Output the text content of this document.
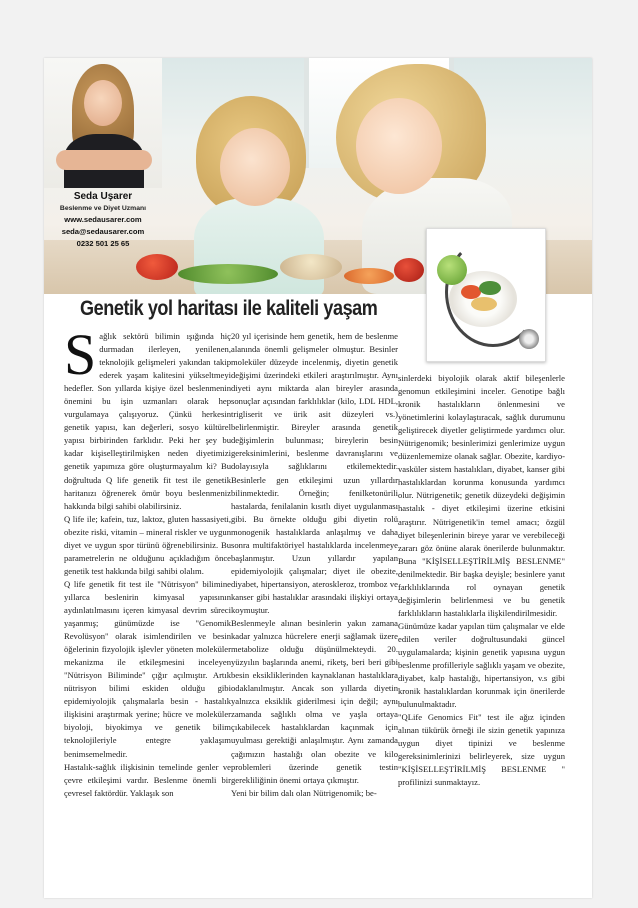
Seda Uşarer
Beslenme ve Diyet Uzmanı
www.sedausarer.com
seda@sedausarer.com
0232 501 25 65
Genetik yol haritası ile kaliteli yaşam

Sağlık sektörü bilimin ışığında hiç durmadan ilerleyen, yenilenen, teknolojik gelişmeleri yakından takip ederek yaşam kalitesini yükseltmeyi hedefler. Son yıllarda kişiye özel beslenmenin önemini bu işin uzmanları olarak hep vurgulamaya çalışıyoruz. Çünkü herkesin genetik yapısı, kan değerleri, sosyo kültürel yapısı birbirinden farklıdır. Peki her şey bu kadar kişiselleştirilmişken neden diyetimizi genetik yapımıza göre oluşturmayalım ki? Bu doğrultuda Q life genetik fit test ile genetik haritanızı öğrenerek ömür boyu beslenmeniz hakkında bilgi sahibi olabilirsiniz.

Q life ile; kafein, tuz, laktoz, gluten hassasiyeti, obezite riski, vitamin – mineral riskler ve uygun diyet ve uygun spor türünü öğrenebilirsiniz. Bu parametrelerin ne olduğunu açıkladığım önce genetik test hakkında bilgi sahibi olalım.

Q life genetik fit test ile "Nütrisyon" bilimine yıllarca beslenirin kimyasal yapısının aydınlatılmasını içeren kimyasal devrim süreci yaşanmış; günümüzde ise "Genomik Revolüsyon" olarak isimlendirilen ve besin öğelerinin fizyolojik işlevler yöneten moleküler mekanizma ile etkileşmesini inceleyen "Nütrisyon Biliminde" çığır açılmıştır. Artık nütrisyon bilimi eskiden olduğu gibi epidemiyolojik çalışmalarla besin - hastalık ilişkisini araştırmak yerine; hücre ve moleküler biyoloji, biyokimya ve genetik bilim teknolojileriyle entegre yaklaşım benimsemelmedir.

Hastalık-sağlık ilişkisinin temelinde genler ve çevre etkileşimi vardır. Beslenme önemli bir çevresel faktördür. Yaklaşık son

20 yıl içerisinde hem genetik, hem de beslenme alanında önemli gelişmeler olmuştur. Besinler moleküler düzeyde incelenmiş, diyetin genetik değişimi üzerindeki etkileri araştırılmıştır. Aynı diyeti aynı miktarda alan bireyler arasında sonuçlar açısından farklılıklar (kilo, LDL HDL, trigliserit ve ürik asit düzeyleri vs.) belirlenmiştir. Bireyler arasında genetik değişimlerin bulunması; bireylerin besin gereksinimlerini, beslenme davranışlarını ve dolayısıyla sağlıklarını etkilemektedir. Besinlerle gen etkileşimi uzun yıllardır bilinmektedir. Örneğin; fenilketonürili hastalarda, fenilalanin kısıtlı diyet uygulanması gibi. Bu örnekte olduğu gibi diyetin rolü monogenik hastalıklarda anlaşılmış ve daha sonra multifaktöriyel hastalıklarda incelenmeye başlanmıştır. Uzun yıllardır yapılan epidemiyolojik çalışmalar; diyet ile obezite, diyabet, hipertansiyon, ateroskleroz, tromboz ve kanser gibi hastalıklar arasındaki ilişkiyi ortaya koymuştur.

Beslenmeyle alınan besinlerin yakın zamana kadar yalnızca hücrelere enerji sağlamak üzere metabolize olduğu düşünülmekteydi. 20. yüzyılın başlarında anemi, riketş, beri beri gibi besin eksikliklerinden kaynaklanan hastalıklara odaklanılmıştır. Ancak son yıllarda diyetin yalnızca eksiklik giderilmesi için değil; aynı zamanda sağlıklı olma ve yaşla ortaya çıkabilecek hastalıklardan kaçınmak için uyulması gerektiği anlaşılmıştır. Aynı zamanda çağımızın hastalığı olan obezite ve kilo problemleri üzerinde genetik testin gerekliliğinin önemi ortaya çıkmıştır.

Yeni bir bilim dalı olan Nütrigenomik; be-

sinlerdeki biyolojik olarak aktif bileşenlerle genomun etkileşimini inceler. Genotipe bağlı kronik hastalıkların önlenmesini ve yönetimlerini kolaylaştıracak, sağlık durumunu geliştirecek diyetler geliştirmede yardımcı olur. Nütrigenomik; besinlerimizi genlerimize uygun düzenlememize olanak sağlar. Obezite, kardiyo-vasküler sistem hastalıkları, diyabet, kanser gibi hastalıklardan korunma konusunda yardımcı olur. Nütrigenetik; genetik düzeydeki değişimin hastalık - diyet etkileşimi üzerine etkisini araştırır. Nütrigenetik'in temel amacı; özgül diyet bileşenlerinin bireye yarar ve verebileceği zararı göz önüne alarak önerilerde bulunmaktır. Buna "KİŞİSELLEŞTİRİLMİŞ BESLENME" denilmektedir. Bir başka deyişle; besinlere yanıt farklılıklarında rol oynayan genetik değişimlerin belirlenmesi ve bu genetik farklılıkların hastalıklarla ilişkilendirilmesidir.

Günümüze kadar yapılan tüm çalışmalar ve elde edilen veriler doğrultusundaki güncel uygulamalarda; kişinin genetik yapısına uygun beslenme profilleriyle sağlıklı yaşam ve obezite, diyabet, kalp hastalığı, hipertansiyon, v.s gibi kronik hastalıklardan korunmak için önerilerde bulunulmaktadır.

"QLife Genomics Fit" test ile ağız içinden alınan tükürük örneği ile sizin genetik yapınıza uygun diyet tipinizi ve beslenme gereksinimlerinizi belirleyerek, size uygun "KİŞİSELLEŞTİRİLMİŞ BESLENME " profilinizi sunmaktayız.
